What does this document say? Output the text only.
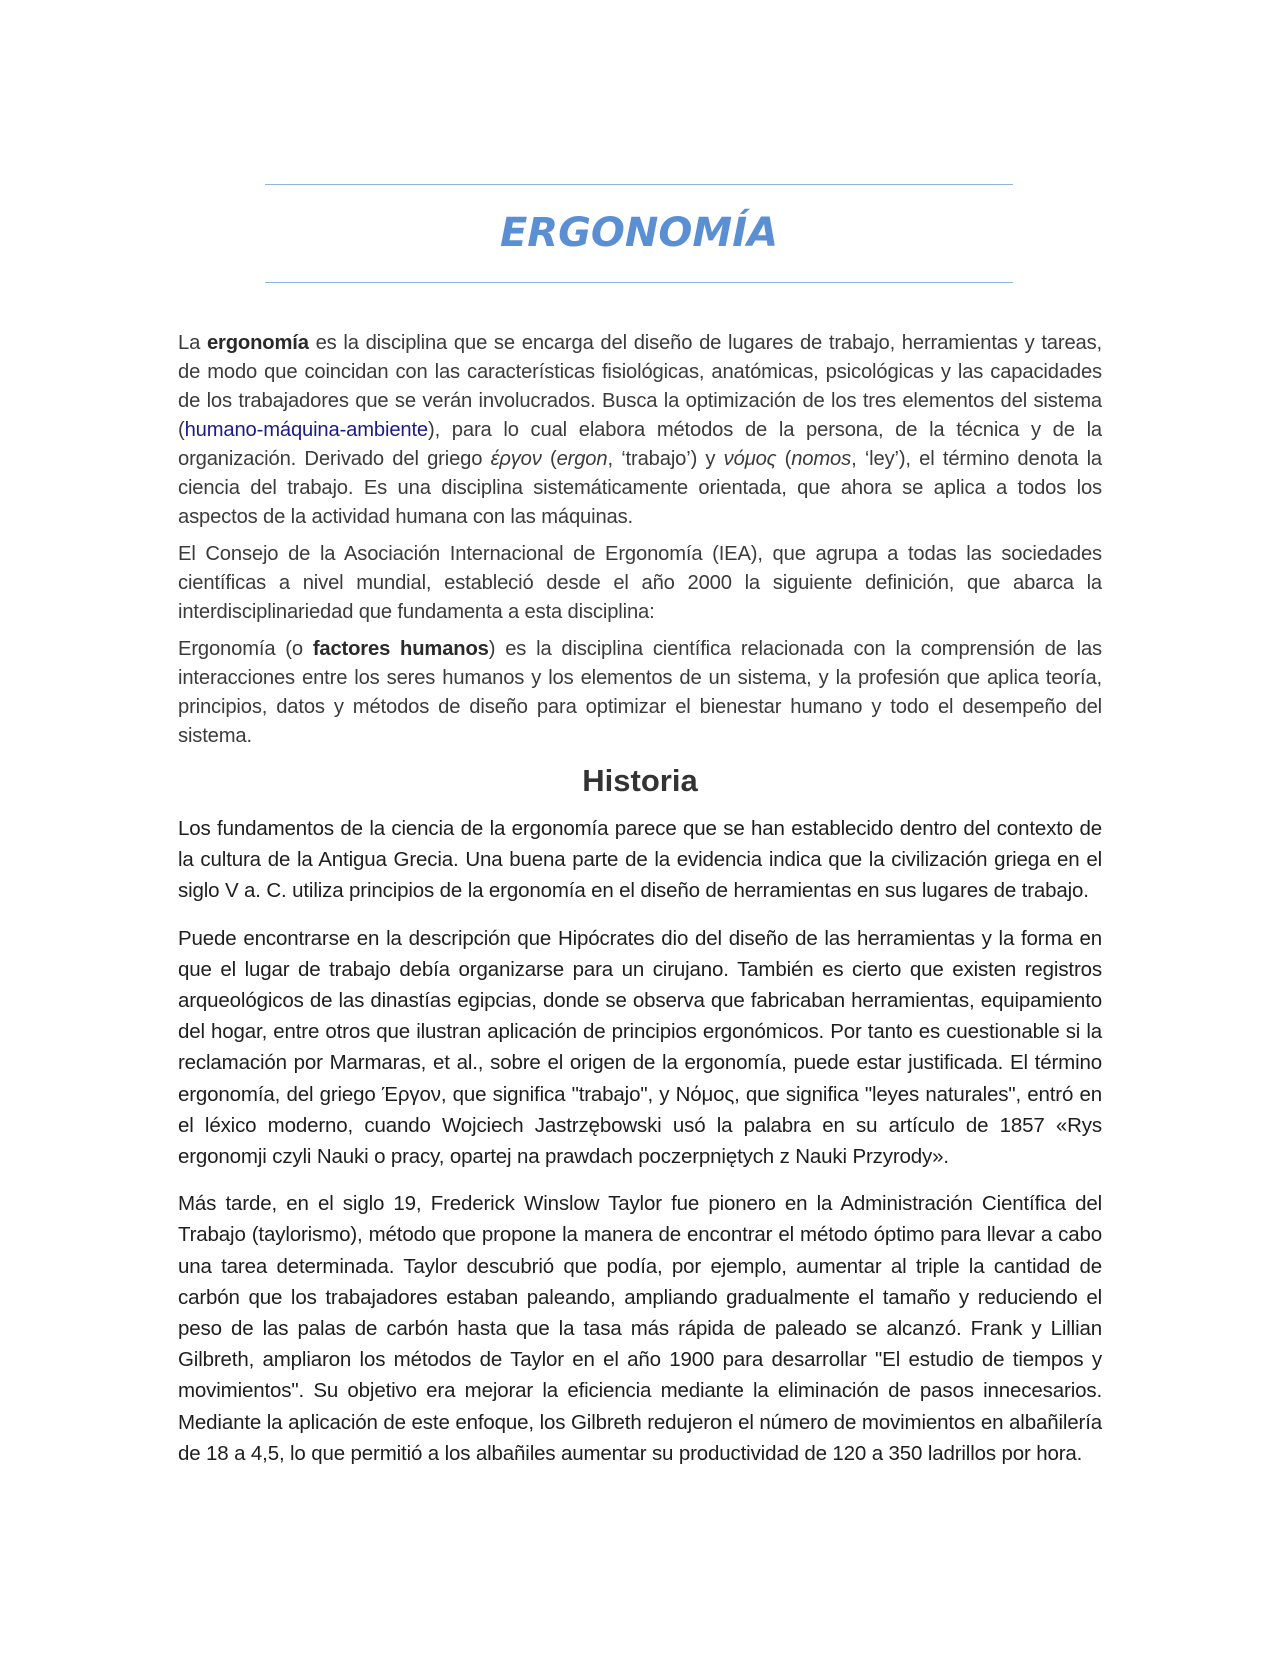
ERGONOMÍA

La ergonomía es la disciplina que se encarga del diseño de lugares de trabajo, herramientas y tareas, de modo que coincidan con las características fisiológicas, anatómicas, psicológicas y las capacidades de los trabajadores que se verán involucrados. Busca la optimización de los tres elementos del sistema (humano-máquina-ambiente), para lo cual elabora métodos de la persona, de la técnica y de la organización. Derivado del griego έργον (ergon, ‘trabajo’) y νόμος (nomos, ‘ley’), el término denota la ciencia del trabajo. Es una disciplina sistemáticamente orientada, que ahora se aplica a todos los aspectos de la actividad humana con las máquinas.

El Consejo de la Asociación Internacional de Ergonomía (IEA), que agrupa a todas las sociedades científicas a nivel mundial, estableció desde el año 2000 la siguiente definición, que abarca la interdisciplinariedad que fundamenta a esta disciplina:

Ergonomía (o factores humanos) es la disciplina científica relacionada con la comprensión de las interacciones entre los seres humanos y los elementos de un sistema, y la profesión que aplica teoría, principios, datos y métodos de diseño para optimizar el bienestar humano y todo el desempeño del sistema.

Historia

Los fundamentos de la ciencia de la ergonomía parece que se han establecido dentro del contexto de la cultura de la Antigua Grecia. Una buena parte de la evidencia indica que la civilización griega en el siglo V a. C. utiliza principios de la ergonomía en el diseño de herramientas en sus lugares de trabajo.

Puede encontrarse en la descripción que Hipócrates dio del diseño de las herramientas y la forma en que el lugar de trabajo debía organizarse para un cirujano. También es cierto que existen registros arqueológicos de las dinastías egipcias, donde se observa que fabricaban herramientas, equipamiento del hogar, entre otros que ilustran aplicación de principios ergonómicos. Por tanto es cuestionable si la reclamación por Marmaras, et al., sobre el origen de la ergonomía, puede estar justificada. El término ergonomía, del griego Έργον, que significa "trabajo", y Νόμος, que significa "leyes naturales", entró en el léxico moderno, cuando Wojciech Jastrzębowski usó la palabra en su artículo de 1857 «Rys ergonomji czyli Nauki o pracy, opartej na prawdach poczerpniętych z Nauki Przyrody».

Más tarde, en el siglo 19, Frederick Winslow Taylor fue pionero en la Administración Científica del Trabajo (taylorismo), método que propone la manera de encontrar el método óptimo para llevar a cabo una tarea determinada. Taylor descubrió que podía, por ejemplo, aumentar al triple la cantidad de carbón que los trabajadores estaban paleando, ampliando gradualmente el tamaño y reduciendo el peso de las palas de carbón hasta que la tasa más rápida de paleado se alcanzó. Frank y Lillian Gilbreth, ampliaron los métodos de Taylor en el año 1900 para desarrollar "El estudio de tiempos y movimientos". Su objetivo era mejorar la eficiencia mediante la eliminación de pasos innecesarios. Mediante la aplicación de este enfoque, los Gilbreth redujeron el número de movimientos en albañilería de 18 a 4,5, lo que permitió a los albañiles aumentar su productividad de 120 a 350 ladrillos por hora.
